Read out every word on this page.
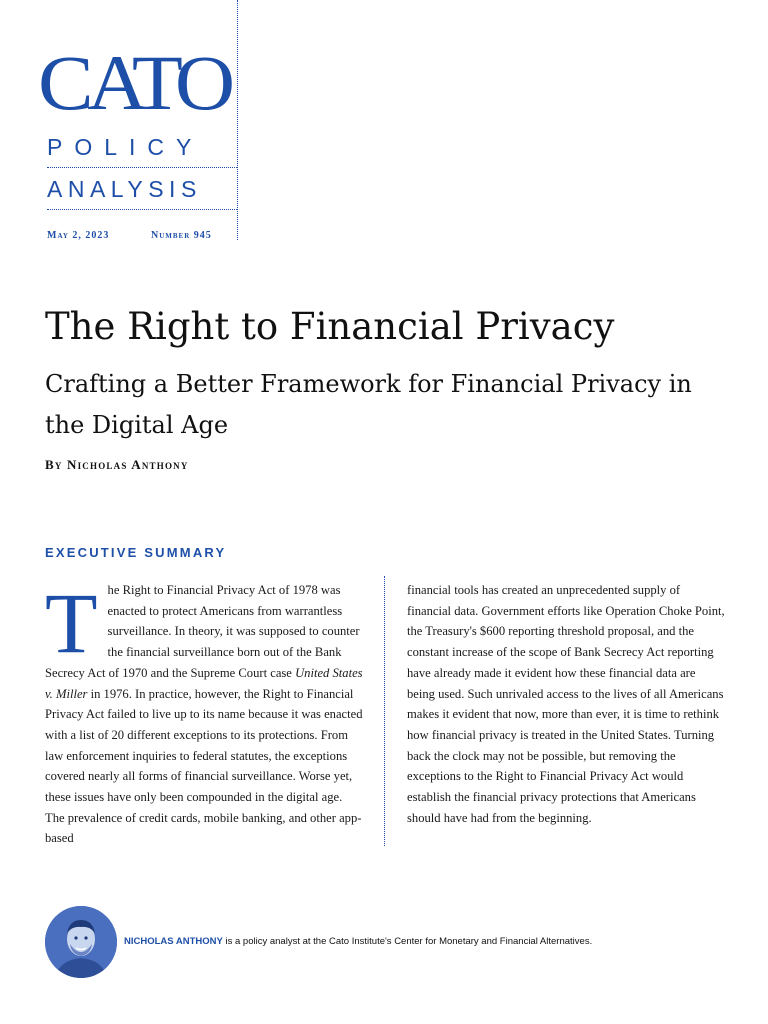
CATO
POLICY
ANALYSIS
May 2, 2023	Number 945
The Right to Financial Privacy
Crafting a Better Framework for Financial Privacy in the Digital Age
By Nicholas Anthony
EXECUTIVE SUMMARY
T he Right to Financial Privacy Act of 1978 was enacted to protect Americans from warrantless surveillance. In theory, it was supposed to counter the financial surveillance born out of the Bank Secrecy Act of 1970 and the Supreme Court case United States v. Miller in 1976. In practice, however, the Right to Financial Privacy Act failed to live up to its name because it was enacted with a list of 20 different exceptions to its protections. From law enforcement inquiries to federal statutes, the exceptions covered nearly all forms of financial surveillance. Worse yet, these issues have only been compounded in the digital age. The prevalence of credit cards, mobile banking, and other app-based

financial tools has created an unprecedented supply of financial data. Government efforts like Operation Choke Point, the Treasury's $600 reporting threshold proposal, and the constant increase of the scope of Bank Secrecy Act reporting have already made it evident how these financial data are being used. Such unrivaled access to the lives of all Americans makes it evident that now, more than ever, it is time to rethink how financial privacy is treated in the United States. Turning back the clock may not be possible, but removing the exceptions to the Right to Financial Privacy Act would establish the financial privacy protections that Americans should have had from the beginning.

NICHOLAS ANTHONY is a policy analyst at the Cato Institute's Center for Monetary and Financial Alternatives.
